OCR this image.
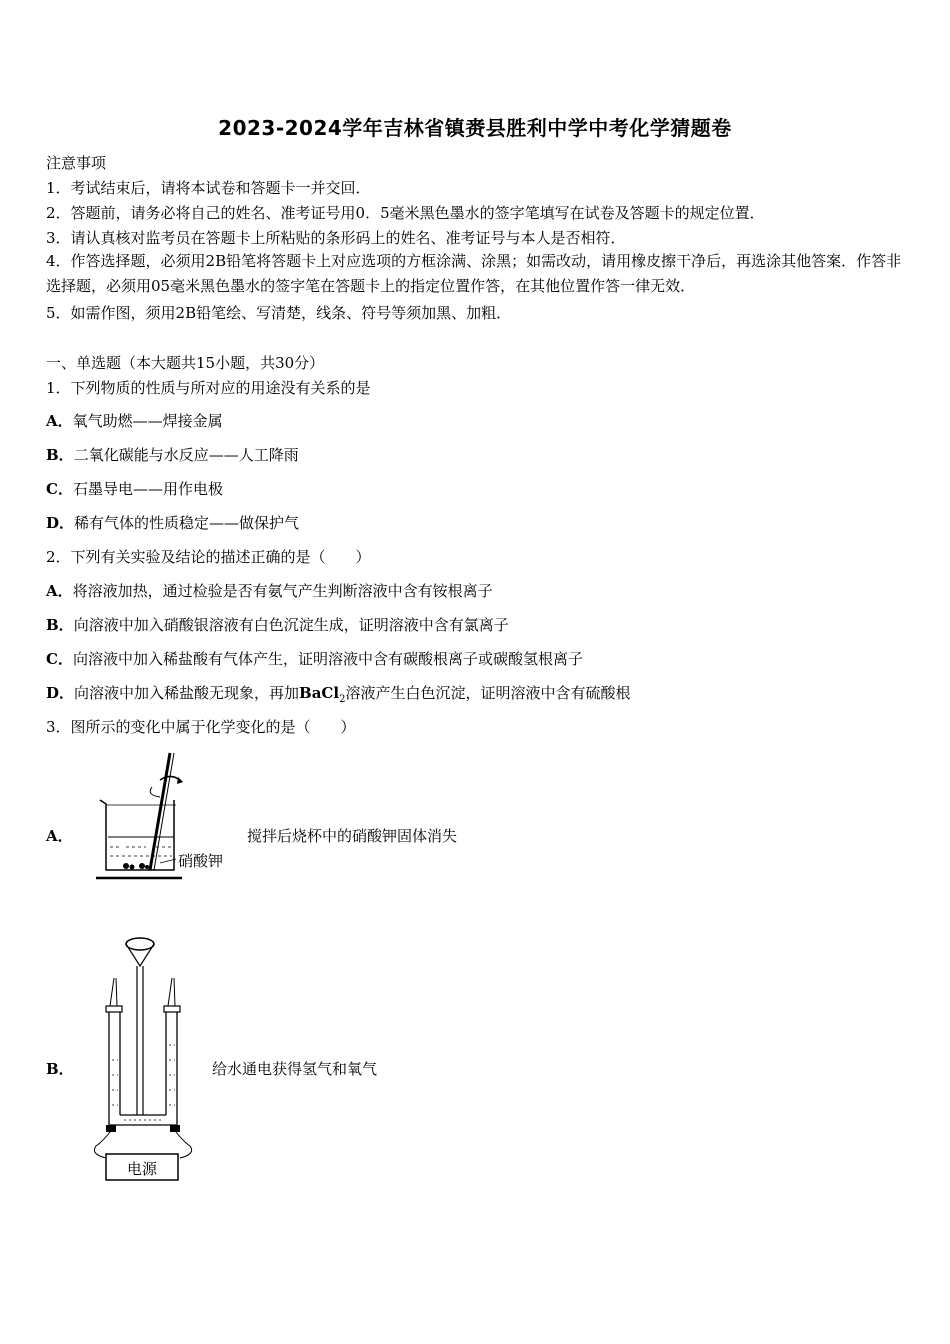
2023-2024学年吉林省镇赉县胜利中学中考化学猜题卷
注意事项
1．考试结束后，请将本试卷和答题卡一并交回．
2．答题前，请务必将自己的姓名、准考证号用0．5毫米黑色墨水的签字笔填写在试卷及答题卡的规定位置．
3．请认真核对监考员在答题卡上所粘贴的条形码上的姓名、准考证号与本人是否相符．
4．作答选择题，必须用2B铅笔将答题卡上对应选项的方框涂满、涂黑；如需改动，请用橡皮擦干净后，再选涂其他答案．作答非选择题，必须用05毫米黑色墨水的签字笔在答题卡上的指定位置作答，在其他位置作答一律无效．
5．如需作图，须用2B铅笔绘、写清楚，线条、符号等须加黑、加粗．
一、单选题（本大题共15小题，共30分）
1．下列物质的性质与所对应的用途没有关系的是
A．氧气助燃——焊接金属
B．二氧化碳能与水反应——人工降雨
C．石墨导电——用作电极
D．稀有气体的性质稳定——做保护气
2．下列有关实验及结论的描述正确的是（　　）
A．将溶液加热，通过检验是否有氨气产生判断溶液中含有铵根离子
B．向溶液中加入硝酸银溶液有白色沉淀生成，证明溶液中含有氯离子
C．向溶液中加入稀盐酸有气体产生，证明溶液中含有碳酸根离子或碳酸氢根离子
D．向溶液中加入稀盐酸无现象，再加BaCl$_2$溶液产生白色沉淀，证明溶液中含有硫酸根
3．图所示的变化中属于化学变化的是（　　）
A．
硝酸钾
搅拌后烧杯中的硝酸钾固体消失
B．
电源
给水通电获得氢气和氧气
